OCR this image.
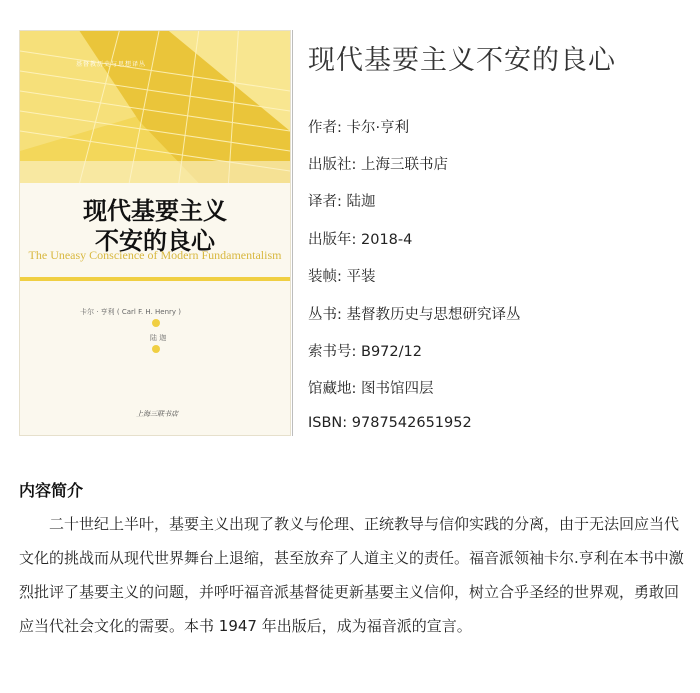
基督教历史与思想译丛
现代基要主义
不安的良心
The Uneasy Conscience of Modern Fundamentalism
卡尔 · 亨利 ( Carl F. H. Henry )
陆 迦
上海三联书店
现代基要主义不安的良心
作者: 卡尔·亨利
出版社: 上海三联书店
译者: 陆迦
出版年: 2018-4
装帧: 平装
丛书: 基督教历史与思想研究译丛
索书号: B972/12
馆藏地: 图书馆四层
ISBN: 9787542651952
内容简介

二十世纪上半叶，基要主义出现了教义与伦理、正统教导与信仰实践的分离，由于无法回应当代文化的挑战而从现代世界舞台上退缩，甚至放弃了人道主义的责任。福音派领袖卡尔.亨利在本书中激烈批评了基要主义的问题，并呼吁福音派基督徒更新基要主义信仰，树立合乎圣经的世界观，勇敢回应当代社会文化的需要。本书 1947 年出版后，成为福音派的宣言。
